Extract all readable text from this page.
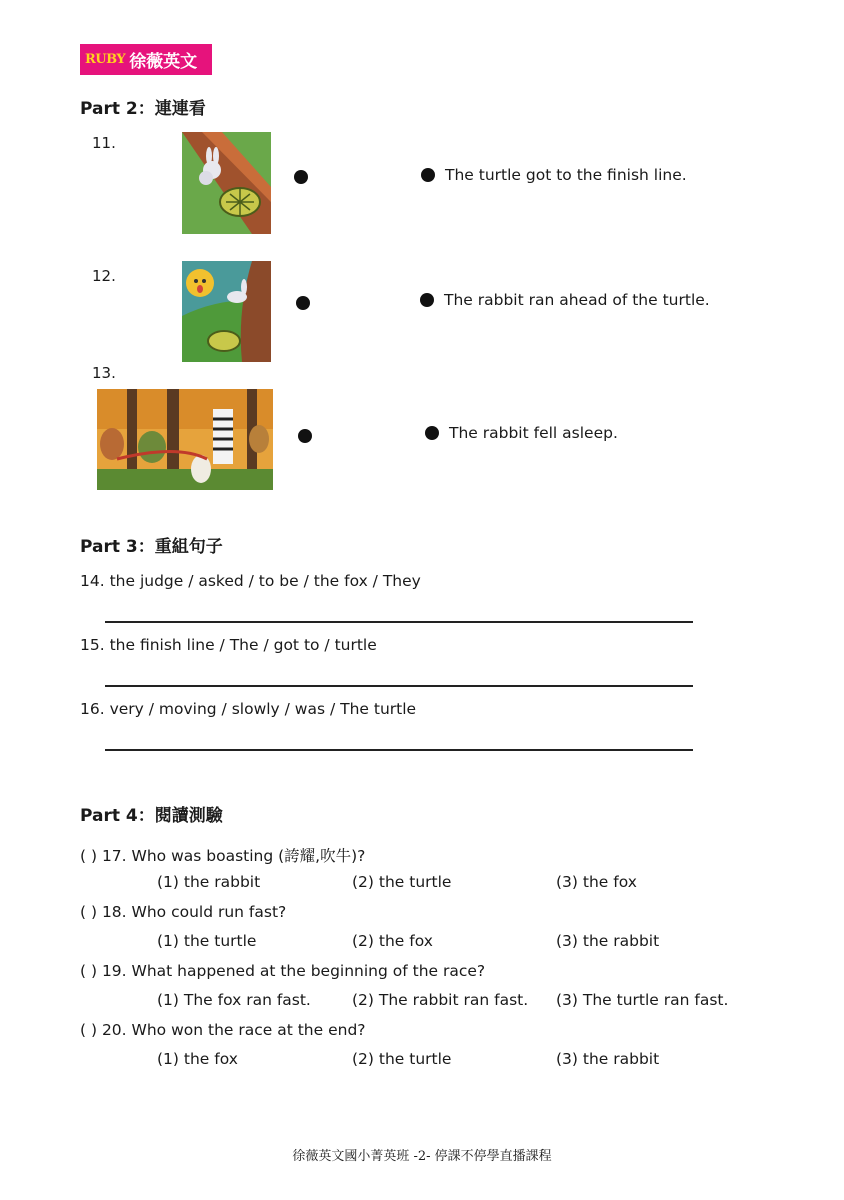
RUBY 徐薇英文
Part 2：連連看
11.
The turtle got to the finish line.
12.
The rabbit ran ahead of the turtle.
13.
The rabbit fell asleep.
Part 3：重組句子
14. the judge / asked / to be / the fox / They
15. the finish line / The / got to / turtle
16. very / moving / slowly / was / The turtle
Part 4：閱讀測驗
( ) 17. Who was boasting (誇耀,吹牛)?
(1) the rabbit	(2) the turtle	(3) the fox
( ) 18. Who could run fast?
(1) the turtle	(2) the fox	(3) the rabbit
( ) 19. What happened at the beginning of the race?
(1) The fox ran fast.	(2) The rabbit ran fast. (3) The turtle ran fast.
( ) 20. Who won the race at the end?
(1) the fox	(2) the turtle	(3) the rabbit
徐薇英文國小菁英班 -2- 停課不停學直播課程
